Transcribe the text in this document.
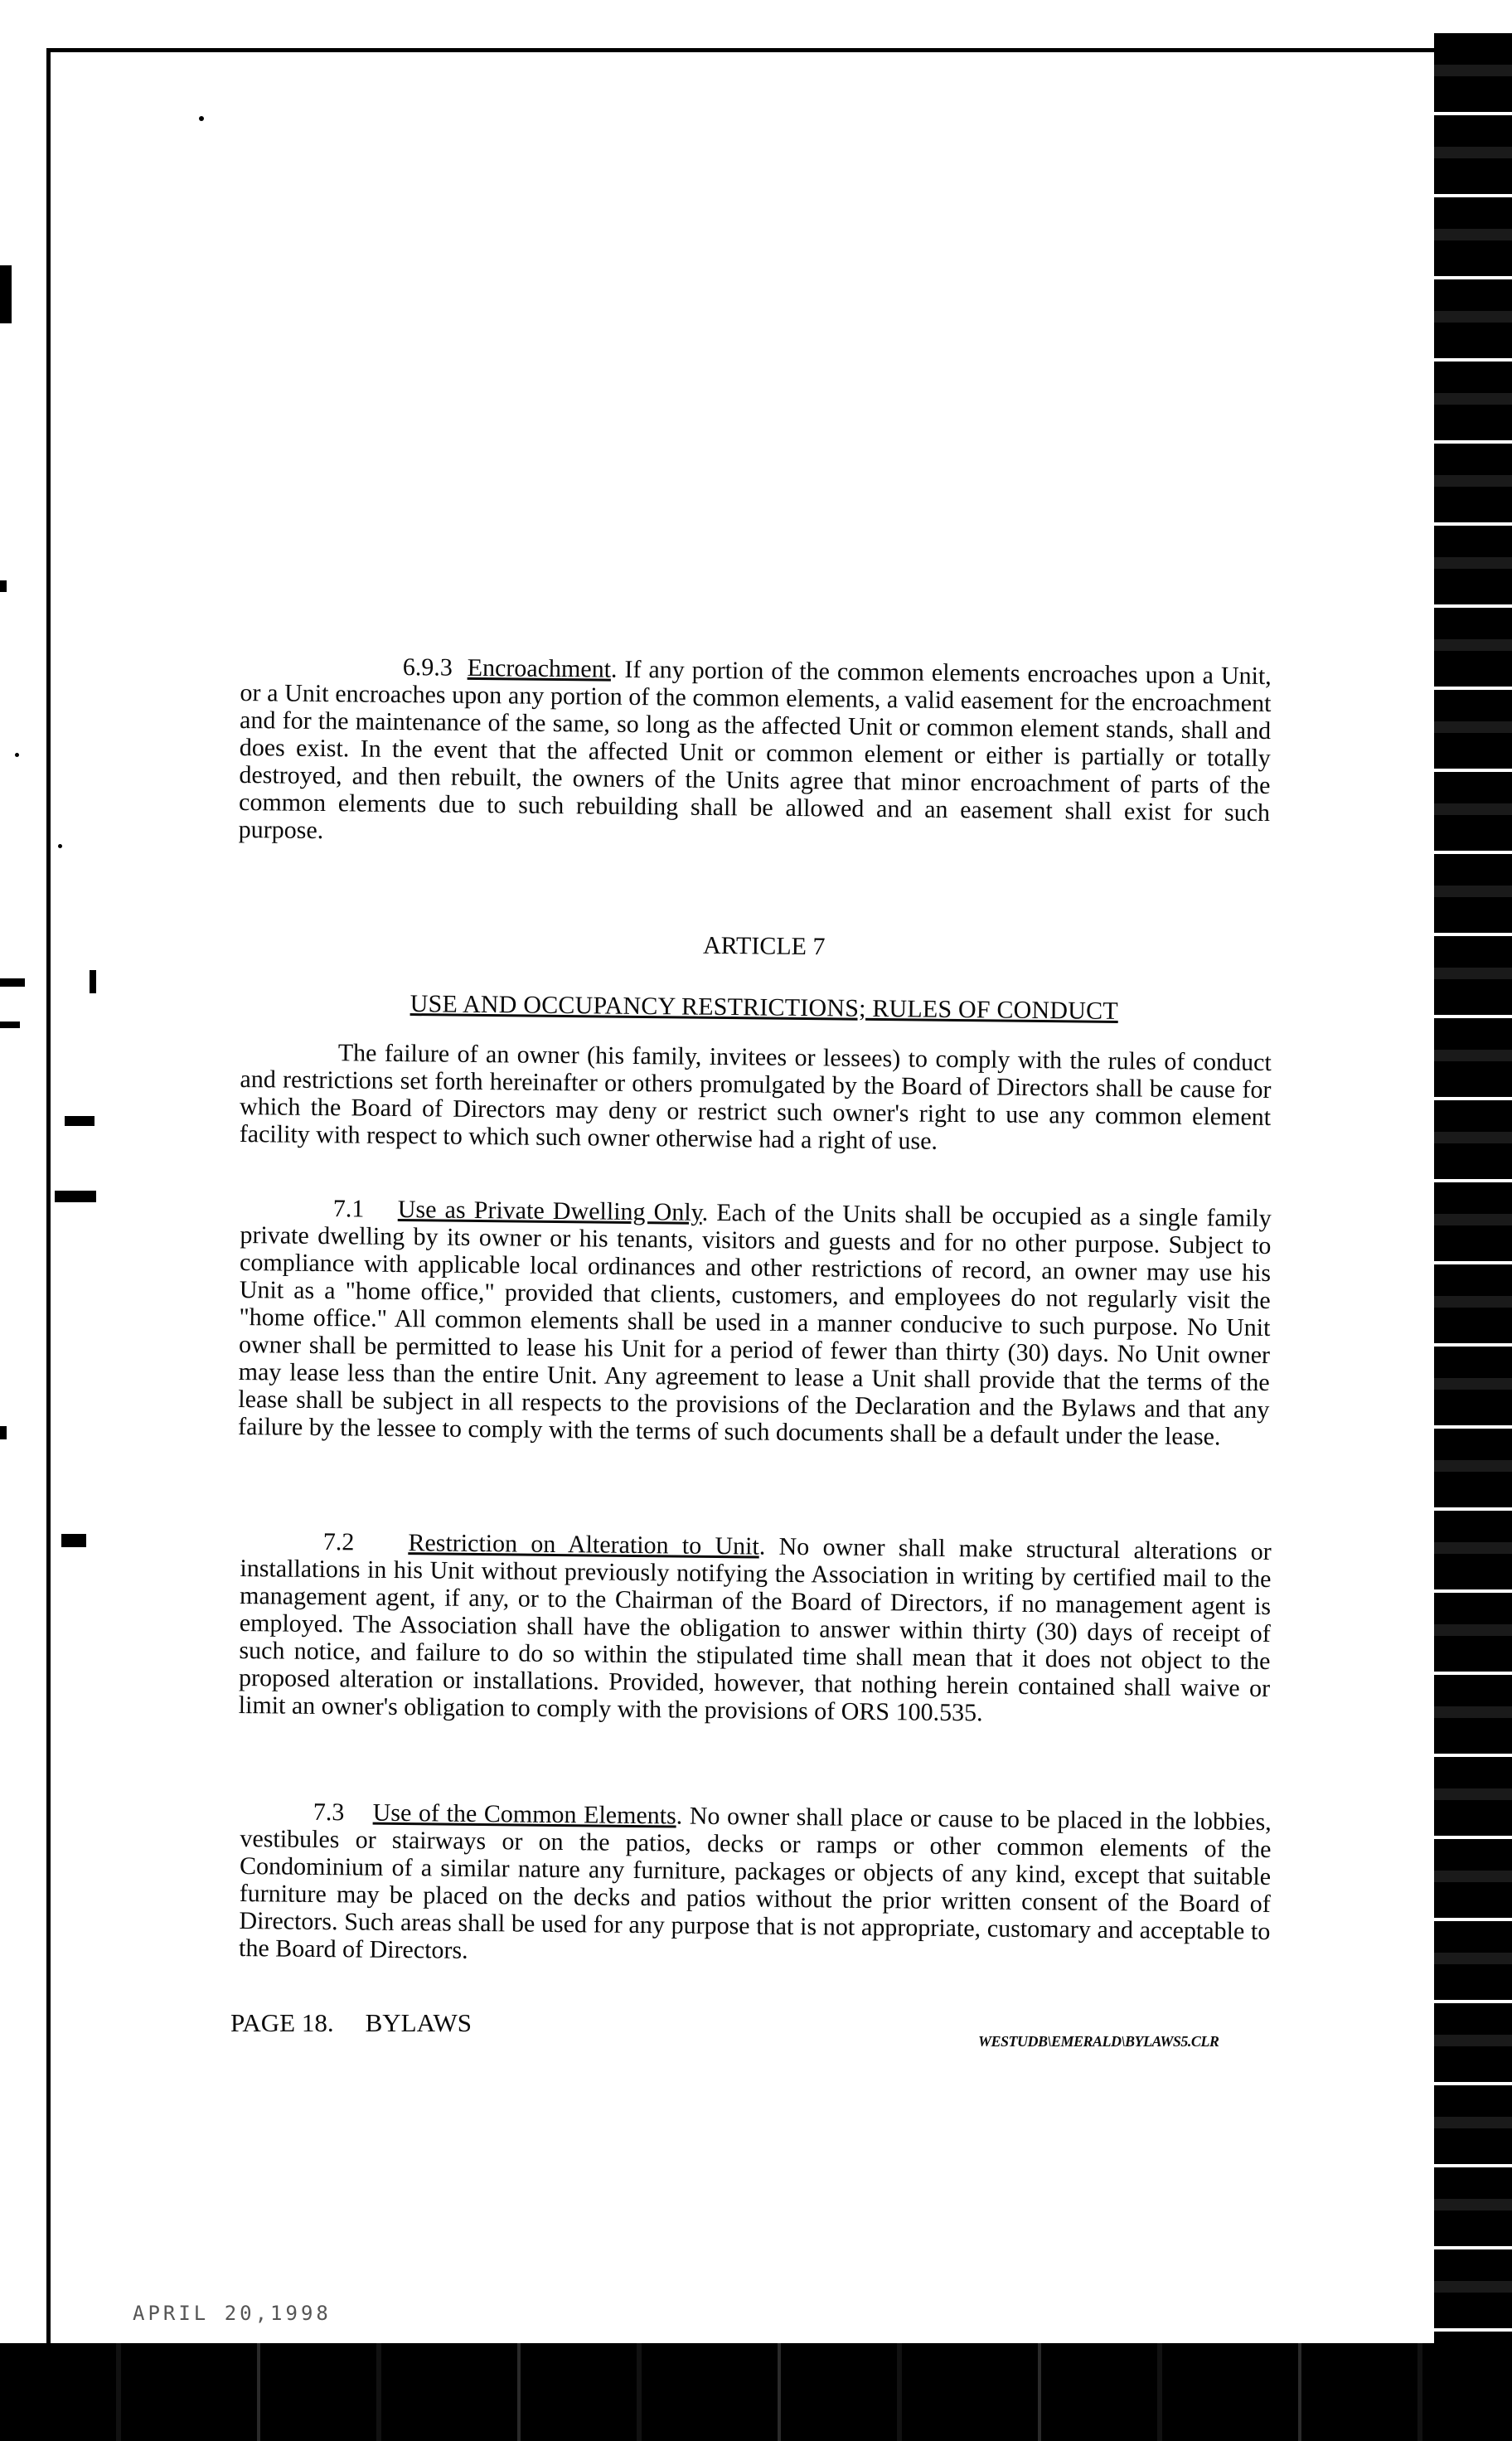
6.9.3 Encroachment. If any portion of the common elements encroaches upon a Unit, or a Unit encroaches upon any portion of the common elements, a valid easement for the encroachment and for the maintenance of the same, so long as the affected Unit or common element stands, shall and does exist. In the event that the affected Unit or common element or either is partially or totally destroyed, and then rebuilt, the owners of the Units agree that minor encroachment of parts of the common elements due to such rebuilding shall be allowed and an easement shall exist for such purpose.

ARTICLE 7
USE AND OCCUPANCY RESTRICTIONS; RULES OF CONDUCT

The failure of an owner (his family, invitees or lessees) to comply with the rules of conduct and restrictions set forth hereinafter or others promulgated by the Board of Directors shall be cause for which the Board of Directors may deny or restrict such owner's right to use any common element facility with respect to which such owner otherwise had a right of use.

7.1 Use as Private Dwelling Only. Each of the Units shall be occupied as a single family private dwelling by its owner or his tenants, visitors and guests and for no other purpose. Subject to compliance with applicable local ordinances and other restrictions of record, an owner may use his Unit as a "home office," provided that clients, customers, and employees do not regularly visit the "home office." All common elements shall be used in a manner conducive to such purpose. No Unit owner shall be permitted to lease his Unit for a period of fewer than thirty (30) days. No Unit owner may lease less than the entire Unit. Any agreement to lease a Unit shall provide that the terms of the lease shall be subject in all respects to the provisions of the Declaration and the Bylaws and that any failure by the lessee to comply with the terms of such documents shall be a default under the lease.

7.2 Restriction on Alteration to Unit. No owner shall make structural alterations or installations in his Unit without previously notifying the Association in writing by certified mail to the management agent, if any, or to the Chairman of the Board of Directors, if no management agent is employed. The Association shall have the obligation to answer within thirty (30) days of receipt of such notice, and failure to do so within the stipulated time shall mean that it does not object to the proposed alteration or installations. Provided, however, that nothing herein contained shall waive or limit an owner's obligation to comply with the provisions of ORS 100.535.

7.3 Use of the Common Elements. No owner shall place or cause to be placed in the lobbies, vestibules or stairways or on the patios, decks or ramps or other common elements of the Condominium of a similar nature any furniture, packages or objects of any kind, except that suitable furniture may be placed on the decks and patios without the prior written consent of the Board of Directors. Such areas shall be used for any purpose that is not appropriate, customary and acceptable to the Board of Directors.

PAGE 18. BYLAWS
WESTUDB\EMERALD\BYLAWS5.CLR
APRIL 20,1998
